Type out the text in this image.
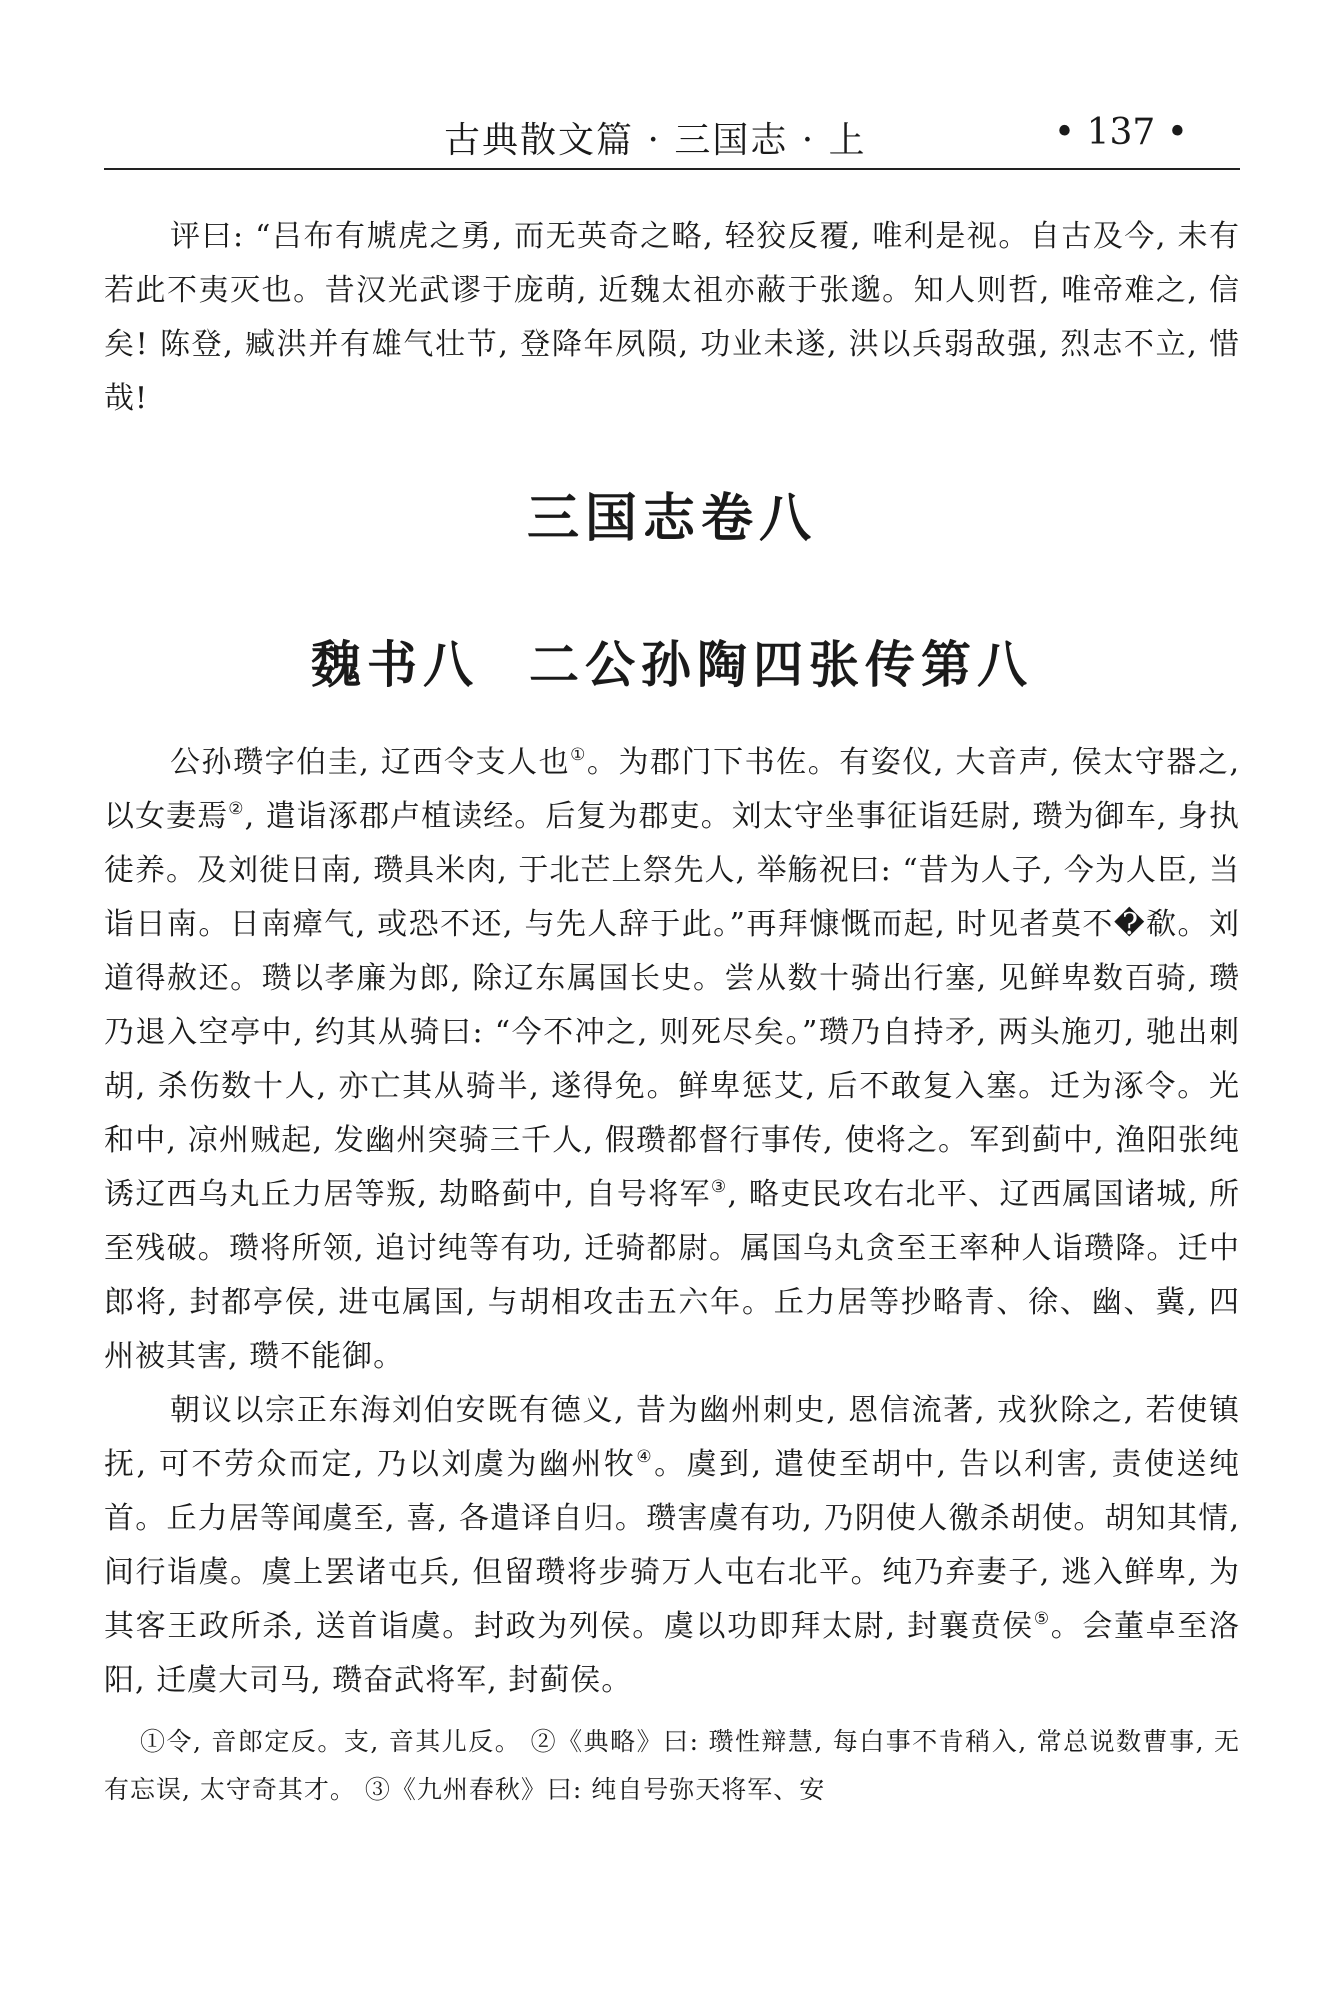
古典散文篇 · 三国志 · 上	• 137 •

评曰: “吕布有虓虎之勇, 而无英奇之略, 轻狡反覆, 唯利是视。自古及今, 未有若此不夷灭也。昔汉光武谬于庞萌, 近魏太祖亦蔽于张邈。知人则哲, 唯帝难之, 信矣! 陈登, 臧洪并有雄气壮节, 登降年夙陨, 功业未遂, 洪以兵弱敌强, 烈志不立, 惜哉!

三国志卷八
魏书八 二公孙陶四张传第八

公孙瓒字伯圭, 辽西令支人也①。为郡门下书佐。有姿仪, 大音声, 侯太守器之, 以女妻焉②, 遣诣涿郡卢植读经。后复为郡吏。刘太守坐事征诣廷尉, 瓒为御车, 身执徒养。及刘徙日南, 瓒具米肉, 于北芒上祭先人, 举觞祝曰: “昔为人子, 今为人臣, 当诣日南。日南瘴气, 或恐不还, 与先人辞于此。”再拜慷慨而起, 时见者莫不�欷。刘道得赦还。瓒以孝廉为郎, 除辽东属国长史。尝从数十骑出行塞, 见鲜卑数百骑, 瓒乃退入空亭中, 约其从骑曰: “今不冲之, 则死尽矣。”瓒乃自持矛, 两头施刃, 驰出刺胡, 杀伤数十人, 亦亡其从骑半, 遂得免。鲜卑惩艾, 后不敢复入塞。迁为涿令。光和中, 凉州贼起, 发幽州突骑三千人, 假瓒都督行事传, 使将之。军到蓟中, 渔阳张纯诱辽西乌丸丘力居等叛, 劫略蓟中, 自号将军③, 略吏民攻右北平、辽西属国诸城, 所至残破。瓒将所领, 追讨纯等有功, 迁骑都尉。属国乌丸贪至王率种人诣瓒降。迁中郎将, 封都亭侯, 进屯属国, 与胡相攻击五六年。丘力居等抄略青、徐、幽、冀, 四州被其害, 瓒不能御。

朝议以宗正东海刘伯安既有德义, 昔为幽州刺史, 恩信流著, 戎狄除之, 若使镇抚, 可不劳众而定, 乃以刘虞为幽州牧④。虞到, 遣使至胡中, 告以利害, 责使送纯首。丘力居等闻虞至, 喜, 各遣译自归。瓒害虞有功, 乃阴使人徼杀胡使。胡知其情, 间行诣虞。虞上罢诸屯兵, 但留瓒将步骑万人屯右北平。纯乃弃妻子, 逃入鲜卑, 为其客王政所杀, 送首诣虞。封政为列侯。虞以功即拜太尉, 封襄贲侯⑤。会董卓至洛阳, 迁虞大司马, 瓒奋武将军, 封蓟侯。

①令, 音郎定反。支, 音其儿反。 ②《典略》曰: 瓒性辩慧, 每白事不肯稍入, 常总说数曹事, 无有忘误, 太守奇其才。 ③《九州春秋》曰: 纯自号弥天将军、安
